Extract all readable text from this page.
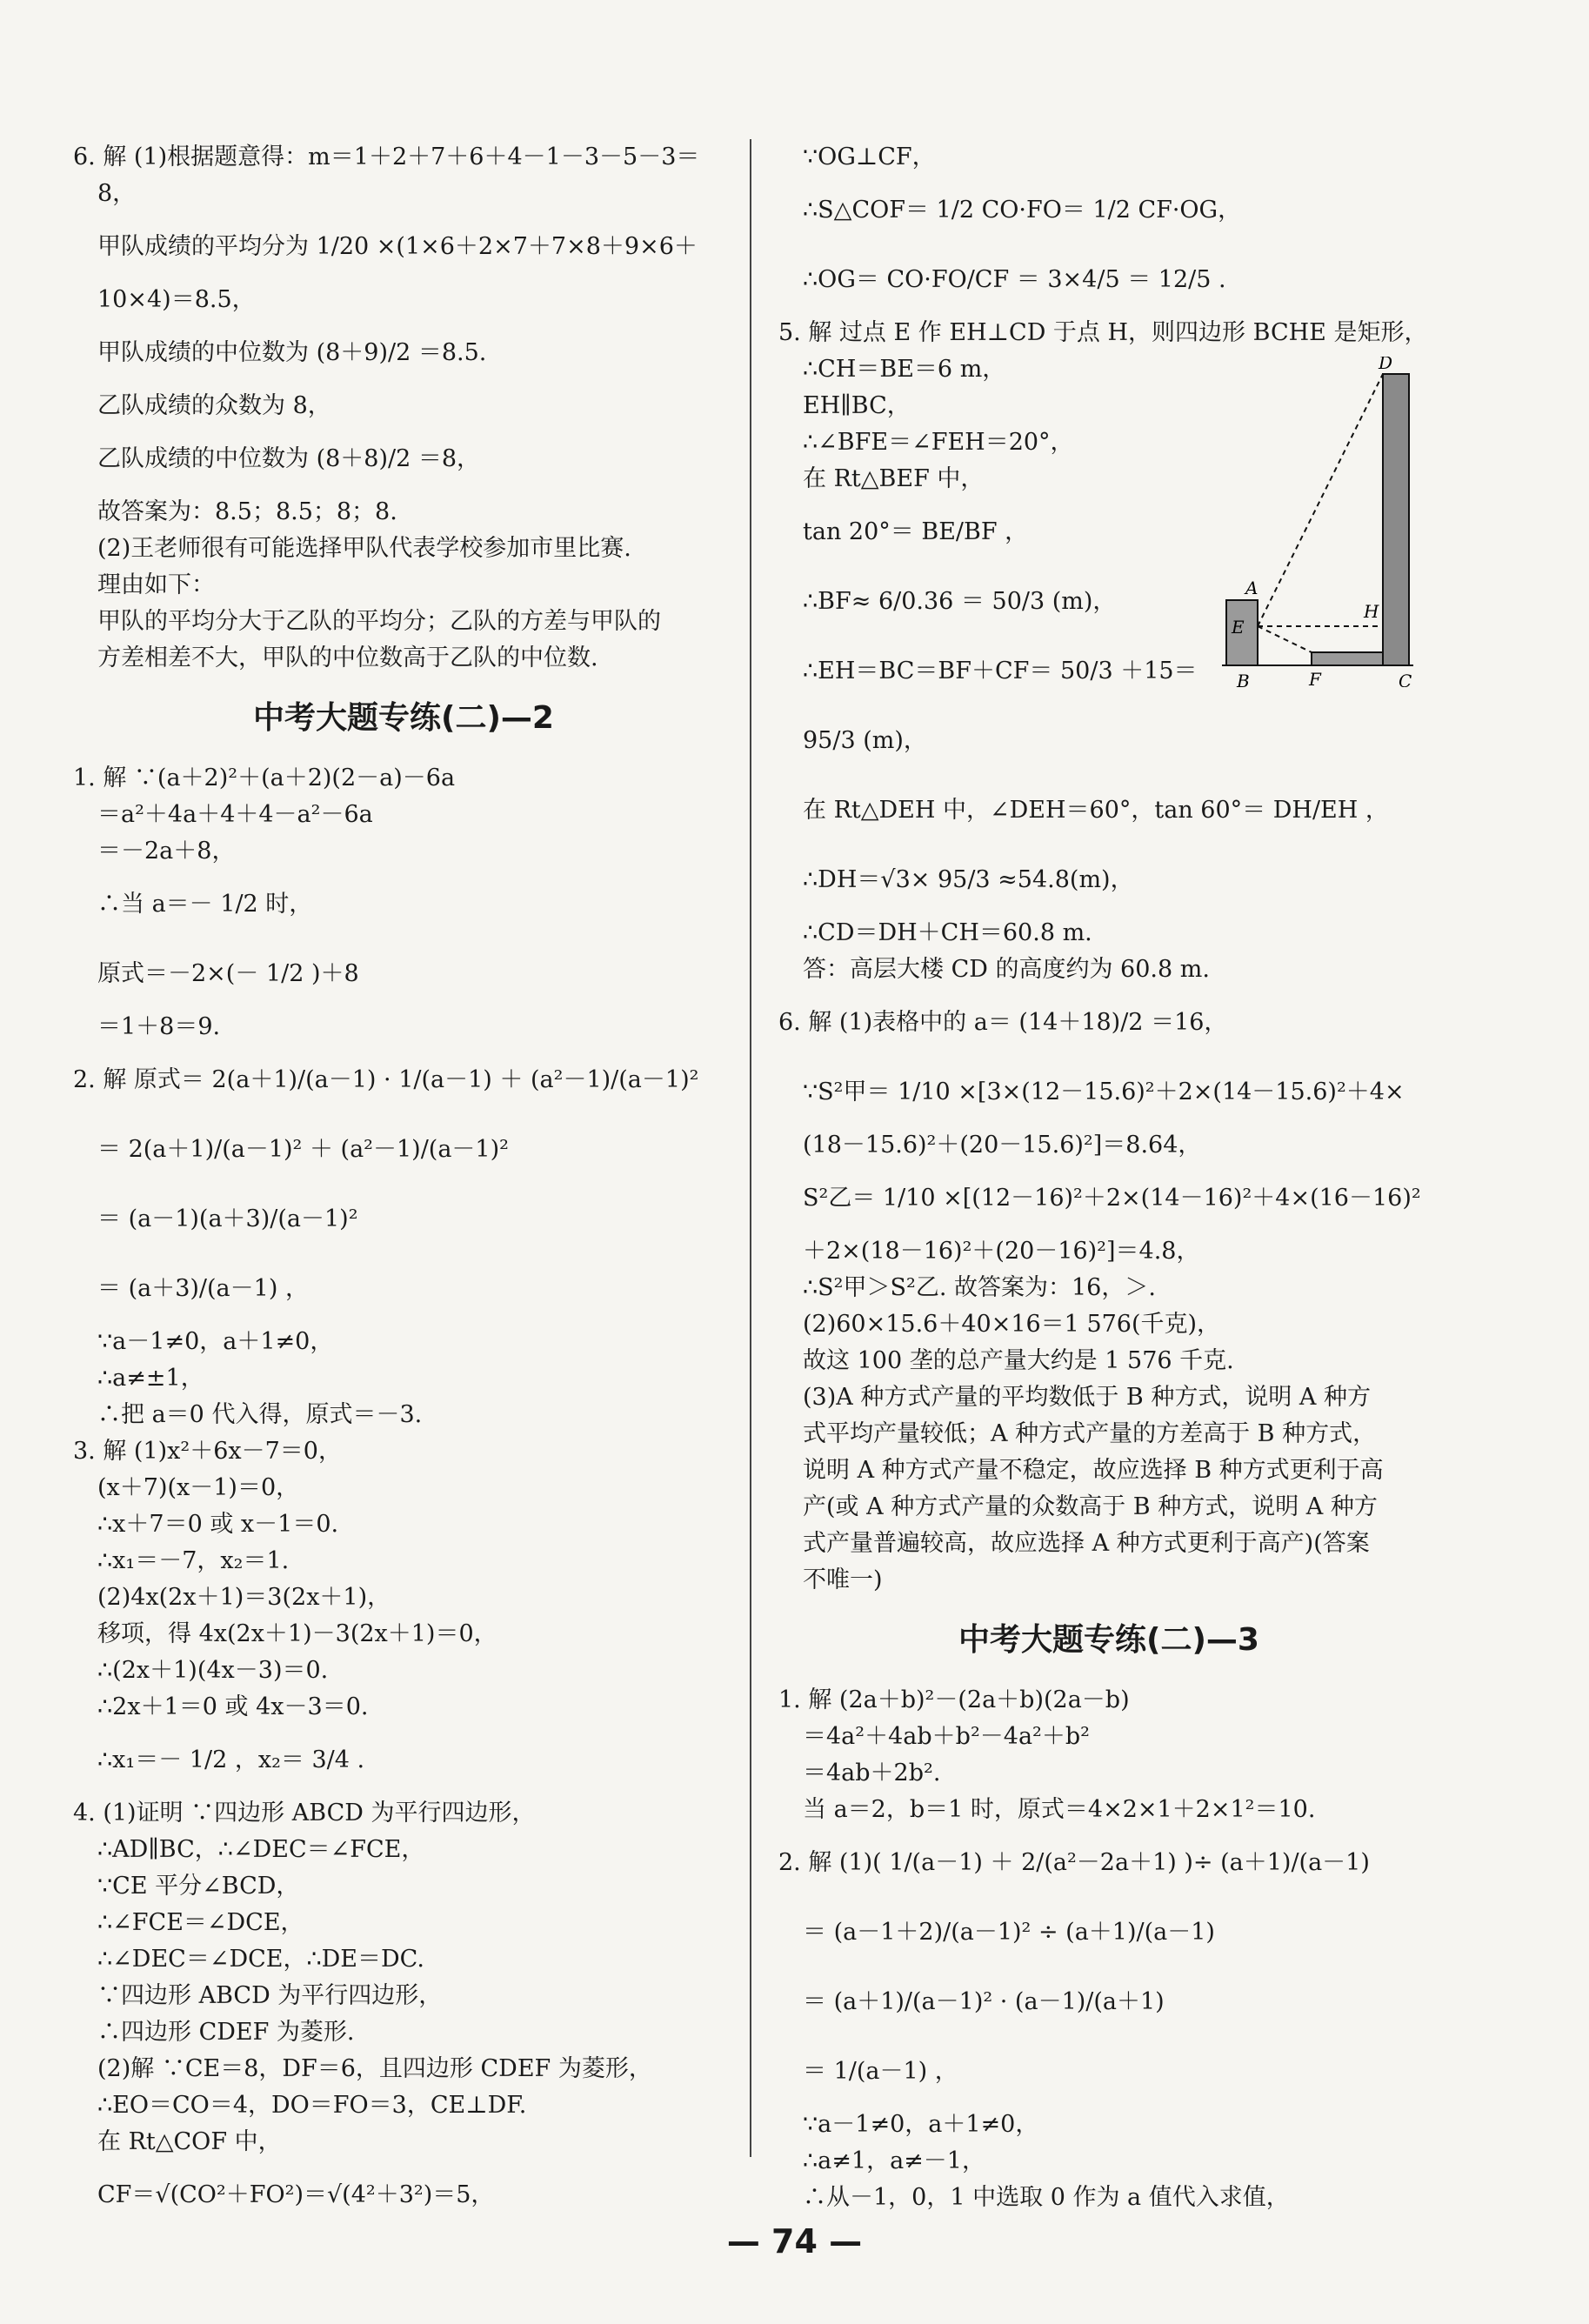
6. 解 (1)根据题意得：m＝1＋2＋7＋6＋4－1－3－5－3＝

8，

甲队成绩的平均分为 1/20 ×(1×6＋2×7＋7×8＋9×6＋

10×4)＝8.5，

甲队成绩的中位数为 (8＋9)/2 ＝8.5.

乙队成绩的众数为 8，

乙队成绩的中位数为 (8＋8)/2 ＝8，

故答案为：8.5；8.5；8；8.

(2)王老师很有可能选择甲队代表学校参加市里比赛.

理由如下：

甲队的平均分大于乙队的平均分；乙队的方差与甲队的

方差相差不大，甲队的中位数高于乙队的中位数.

中考大题专练(二)—2

1. 解 ∵(a＋2)²＋(a＋2)(2－a)－6a

＝a²＋4a＋4＋4－a²－6a

＝－2a＋8，

∴当 a＝－ 1/2 时，

原式＝－2×(－ 1/2 )＋8

＝1＋8＝9.

2. 解 原式＝ 2(a＋1)/(a－1) · 1/(a－1) ＋ (a²－1)/(a－1)²

＝ 2(a＋1)/(a－1)² ＋ (a²－1)/(a－1)²

＝ (a－1)(a＋3)/(a－1)²

＝ (a＋3)/(a－1) ，

∵a－1≠0，a＋1≠0，

∴a≠±1，

∴把 a＝0 代入得，原式＝－3.

3. 解 (1)x²＋6x－7＝0，

(x＋7)(x－1)＝0，

∴x＋7＝0 或 x－1＝0.

∴x₁＝－7，x₂＝1.

(2)4x(2x＋1)＝3(2x＋1)，

移项，得 4x(2x＋1)－3(2x＋1)＝0，

∴(2x＋1)(4x－3)＝0.

∴2x＋1＝0 或 4x－3＝0.

∴x₁＝－ 1/2 ，x₂＝ 3/4 .

4. (1)证明 ∵四边形 ABCD 为平行四边形，

∴AD∥BC，∴∠DEC＝∠FCE，

∵CE 平分∠BCD，

∴∠FCE＝∠DCE，

∴∠DEC＝∠DCE，∴DE＝DC.

∵四边形 ABCD 为平行四边形，

∴四边形 CDEF 为菱形.

(2)解 ∵CE＝8，DF＝6，且四边形 CDEF 为菱形，

∴EO＝CO＝4，DO＝FO＝3，CE⊥DF.

在 Rt△COF 中，

CF＝√(CO²＋FO²)＝√(4²＋3²)＝5，

∵OG⊥CF，

∴S△COF＝ 1/2 CO·FO＝ 1/2 CF·OG，

∴OG＝ CO·FO/CF ＝ 3×4/5 ＝ 12/5 .

5. 解 过点 E 作 EH⊥CD 于点 H，则四边形 BCHE 是矩形，

∴CH＝BE＝6 m，

EH∥BC，

∴∠BFE＝∠FEH＝20°，

在 Rt△BEF 中，

tan 20°＝ BE/BF ，

∴BF≈ 6/0.36 ＝ 50/3 (m)，

∴EH＝BC＝BF＋CF＝ 50/3 ＋15＝

95/3 (m)，

在 Rt△DEH 中，∠DEH＝60°，tan 60°＝ DH/EH ，

∴DH＝√3× 95/3 ≈54.8(m)，

∴CD＝DH＋CH＝60.8 m.

答：高层大楼 CD 的高度约为 60.8 m.

6. 解 (1)表格中的 a＝ (14＋18)/2 ＝16，

∵S²甲＝ 1/10 ×[3×(12－15.6)²＋2×(14－15.6)²＋4×

(18－15.6)²＋(20－15.6)²]＝8.64，

S²乙＝ 1/10 ×[(12－16)²＋2×(14－16)²＋4×(16－16)²

＋2×(18－16)²＋(20－16)²]＝4.8，

∴S²甲＞S²乙. 故答案为：16，＞.

(2)60×15.6＋40×16＝1 576(千克)，

故这 100 垄的总产量大约是 1 576 千克.

(3)A 种方式产量的平均数低于 B 种方式，说明 A 种方

式平均产量较低；A 种方式产量的方差高于 B 种方式，

说明 A 种方式产量不稳定，故应选择 B 种方式更利于高

产(或 A 种方式产量的众数高于 B 种方式，说明 A 种方

式产量普遍较高，故应选择 A 种方式更利于高产)(答案

不唯一)

中考大题专练(二)—3

1. 解 (2a＋b)²－(2a＋b)(2a－b)

＝4a²＋4ab＋b²－4a²＋b²

＝4ab＋2b².

当 a＝2，b＝1 时，原式＝4×2×1＋2×1²＝10.

2. 解 (1)( 1/(a－1) ＋ 2/(a²－2a＋1) )÷ (a＋1)/(a－1)

＝ (a－1＋2)/(a－1)² ÷ (a＋1)/(a－1)

＝ (a＋1)/(a－1)² · (a－1)/(a＋1)

＝ 1/(a－1) ，

∵a－1≠0，a＋1≠0，

∴a≠1，a≠－1，

∴从－1，0，1 中选取 0 作为 a 值代入求值，

A
B	C
D
E
F
H
— 74 —
